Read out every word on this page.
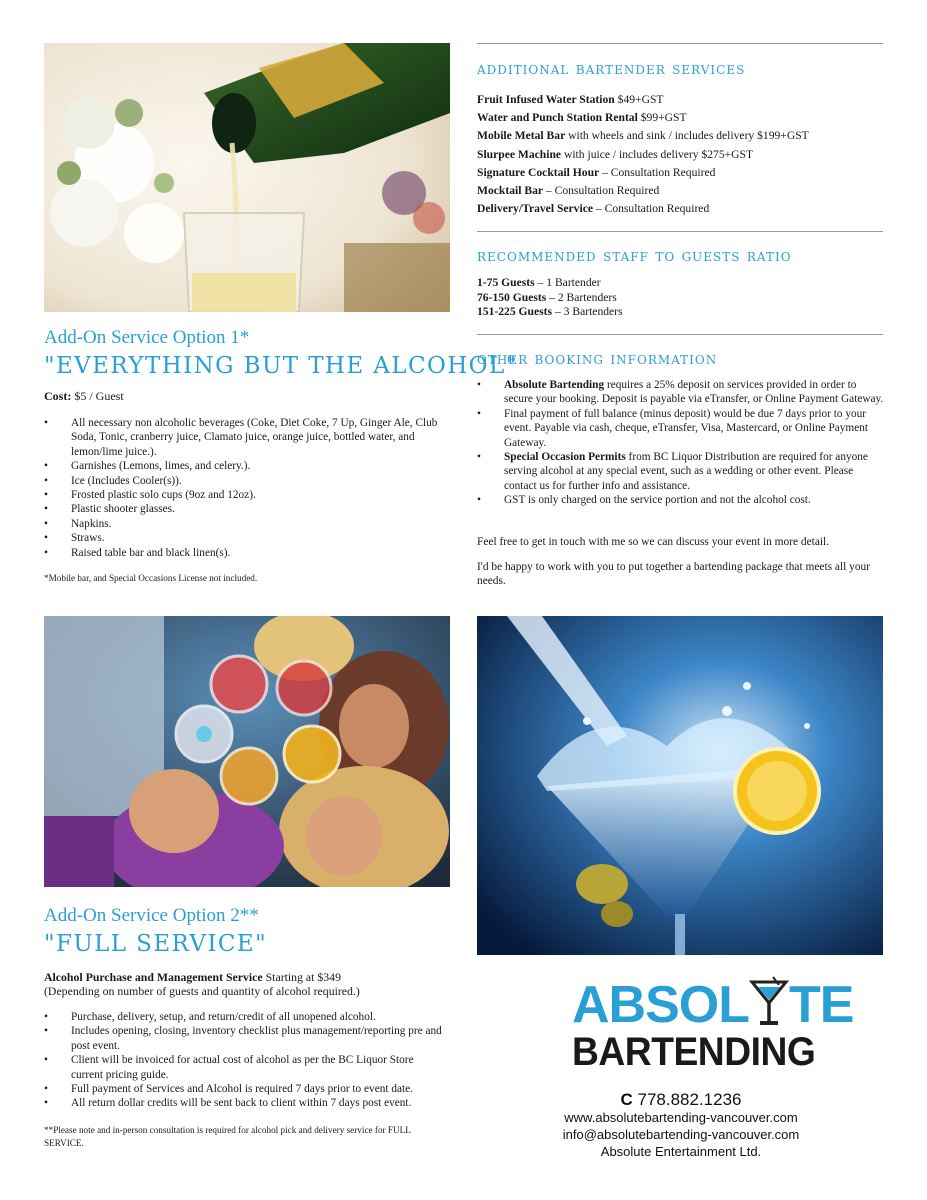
additional bartender services
Fruit Infused Water Station $49+GST
Water and Punch Station Rental $99+GST
Mobile Metal Bar with wheels and sink / includes delivery $199+GST
Slurpee Machine with juice / includes delivery $275+GST
Signature Cocktail Hour – Consultation Required
Mocktail Bar – Consultation Required
Delivery/Travel Service – Consultation Required
recommended staff to guests ratio
1-75 Guests – 1 Bartender
76-150 Guests – 2 Bartenders
151-225 Guests – 3 Bartenders
other booking information
• Absolute Bartending requires a 25% deposit on services provided in order to secure your booking. Deposit is payable via eTransfer, or Online Payment Gateway.
• Final payment of full balance (minus deposit) would be due 7 days prior to your event. Payable via cash, cheque, eTransfer, Visa, Mastercard, or Online Payment Gateway.
• Special Occasion Permits from BC Liquor Distribution are required for anyone serving alcohol at any special event, such as a wedding or other event. Please contact us for further info and assistance.
• GST is only charged on the service portion and not the alcohol cost.
Feel free to get in touch with me so we can discuss your event in more detail.
I'd be happy to work with you to put together a bartending package that meets all your needs.
Add-On Service Option 1*
"EVERYTHING BUT THE ALCOHOL"
Cost: $5 / Guest
• All necessary non alcoholic beverages (Coke, Diet Coke, 7 Up, Ginger Ale, Club Soda, Tonic, cranberry juice, Clamato juice, orange juice, bottled water, and lemon/lime juice.).
• Garnishes (Lemons, limes, and celery.).
• Ice (Includes Cooler(s)).
• Frosted plastic solo cups (9oz and 12oz).
• Plastic shooter glasses.
• Napkins.
• Straws.
• Raised table bar and black linen(s).
*Mobile bar, and Special Occasions License not included.
Add-On Service Option 2**
"FULL SERVICE"
Alcohol Purchase and Management Service Starting at $349
(Depending on number of guests and quantity of alcohol required.)
• Purchase, delivery, setup, and return/credit of all unopened alcohol.
• Includes opening, closing, inventory checklist plus management/reporting pre and post event.
• Client will be invoiced for actual cost of alcohol as per the BC Liquor Store current pricing guide.
• Full payment of Services and Alcohol is required 7 days prior to event date.
• All return dollar credits will be sent back to client within 7 days post event.
**Please note and in-person consultation is required for alcohol pick and delivery service for FULL SERVICE.
ABSOL TE
BARTENDING
C 778.882.1236
www.absolutebartending-vancouver.com
info@absolutebartending-vancouver.com
Absolute Entertainment Ltd.
